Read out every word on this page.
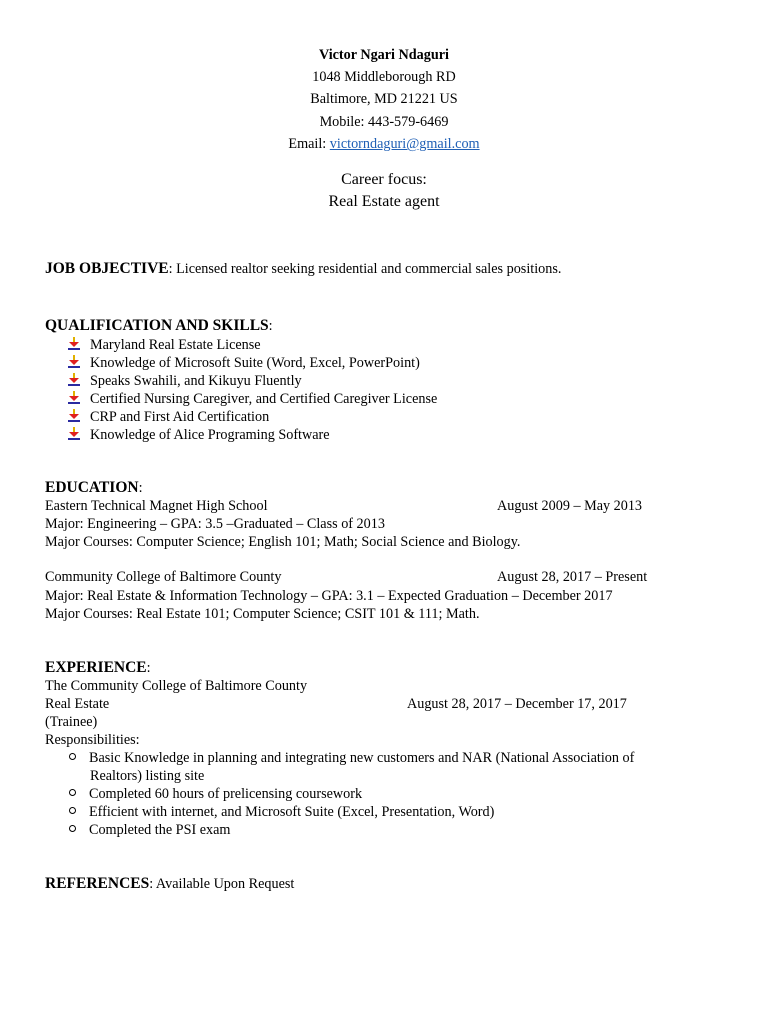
Victor Ngari Ndaguri
1048 Middleborough RD
Baltimore, MD 21221 US
Mobile: 443-579-6469
Email: victorndaguri@gmail.com
Career focus:
Real Estate agent
JOB OBJECTIVE: Licensed realtor seeking residential and commercial sales positions.
QUALIFICATION AND SKILLS:
Maryland Real Estate License
Knowledge of Microsoft Suite (Word, Excel, PowerPoint)
Speaks Swahili, and Kikuyu Fluently
Certified Nursing Caregiver, and Certified Caregiver License
CRP and First Aid Certification
Knowledge of Alice Programing Software
EDUCATION:
Eastern Technical Magnet High School	August 2009 – May 2013
Major: Engineering – GPA: 3.5 –Graduated – Class of 2013
Major Courses: Computer Science; English 101; Math; Social Science and Biology.
Community College of Baltimore County	August 28, 2017 – Present
Major: Real Estate & Information Technology – GPA: 3.1 – Expected Graduation – December 2017
Major Courses: Real Estate 101; Computer Science; CSIT 101 & 111; Math.
EXPERIENCE:
The Community College of Baltimore County
Real Estate	August 28, 2017 – December 17, 2017
(Trainee)
Responsibilities:
Basic Knowledge in planning and integrating new customers and NAR (National Association of
Realtors) listing site
Completed 60 hours of prelicensing coursework
Efficient with internet, and Microsoft Suite (Excel, Presentation, Word)
Completed the PSI exam
REFERENCES: Available Upon Request
